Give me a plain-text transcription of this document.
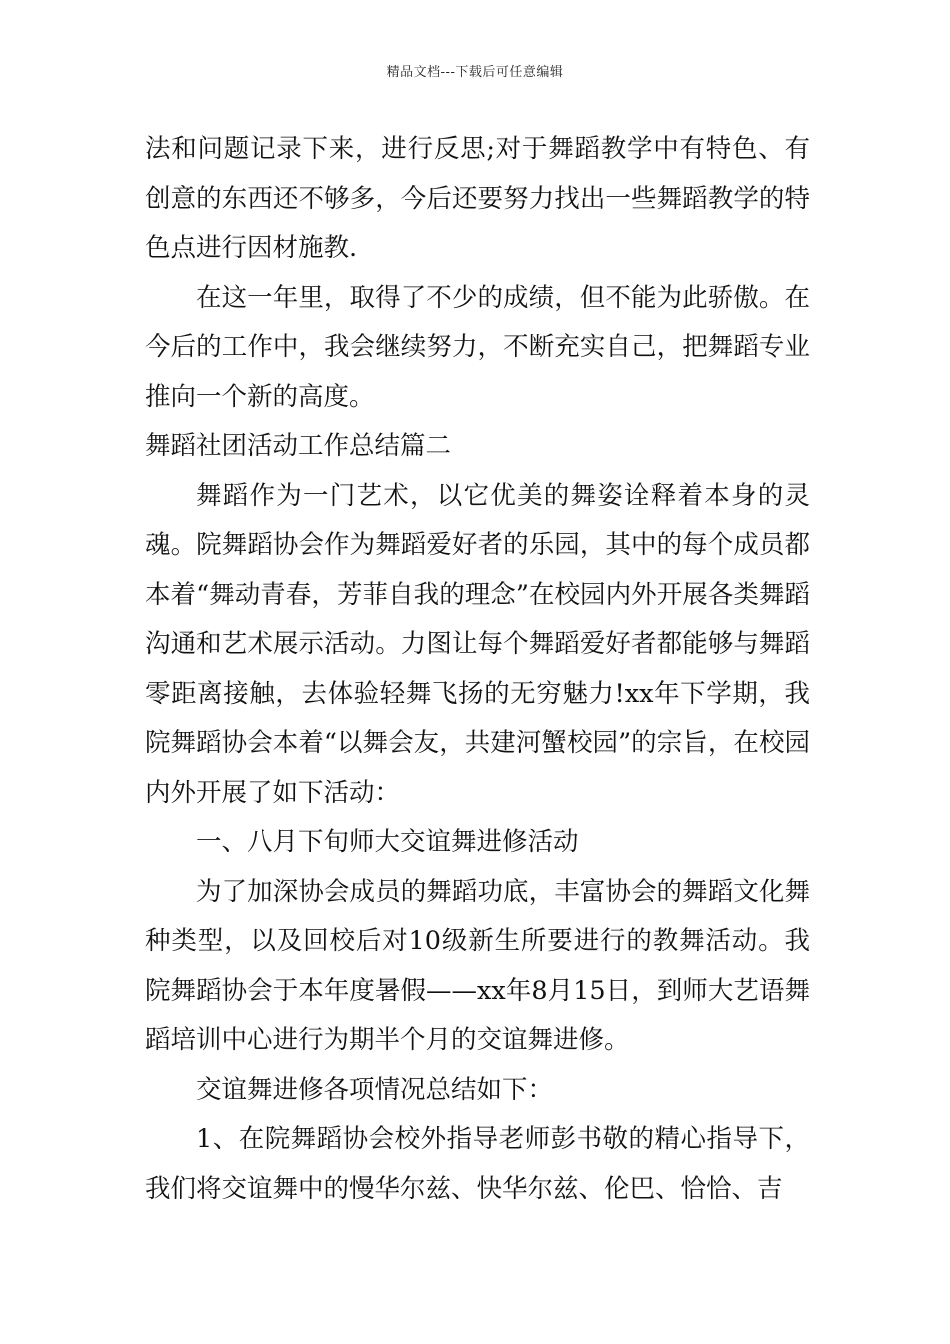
精品文档---下载后可任意编辑

法和问题记录下来，进行反思;对于舞蹈教学中有特色、有创意的东西还不够多，今后还要努力找出一些舞蹈教学的特色点进行因材施教.

在这一年里，取得了不少的成绩，但不能为此骄傲。在今后的工作中，我会继续努力，不断充实自己，把舞蹈专业推向一个新的高度。

舞蹈社团活动工作总结篇二

舞蹈作为一门艺术，以它优美的舞姿诠释着本身的灵魂。院舞蹈协会作为舞蹈爱好者的乐园，其中的每个成员都本着“舞动青春，芳菲自我的理念”在校园内外开展各类舞蹈沟通和艺术展示活动。力图让每个舞蹈爱好者都能够与舞蹈零距离接触，去体验轻舞飞扬的无穷魅力!xx年下学期，我院舞蹈协会本着“以舞会友，共建河蟹校园”的宗旨，在校园内外开展了如下活动：

一、八月下旬师大交谊舞进修活动

为了加深协会成员的舞蹈功底，丰富协会的舞蹈文化舞种类型，以及回校后对10级新生所要进行的教舞活动。我院舞蹈协会于本年度暑假——xx年8月15日，到师大艺语舞蹈培训中心进行为期半个月的交谊舞进修。

交谊舞进修各项情况总结如下：

1、在院舞蹈协会校外指导老师彭书敬的精心指导下，我们将交谊舞中的慢华尔兹、快华尔兹、伦巴、恰恰、吉
